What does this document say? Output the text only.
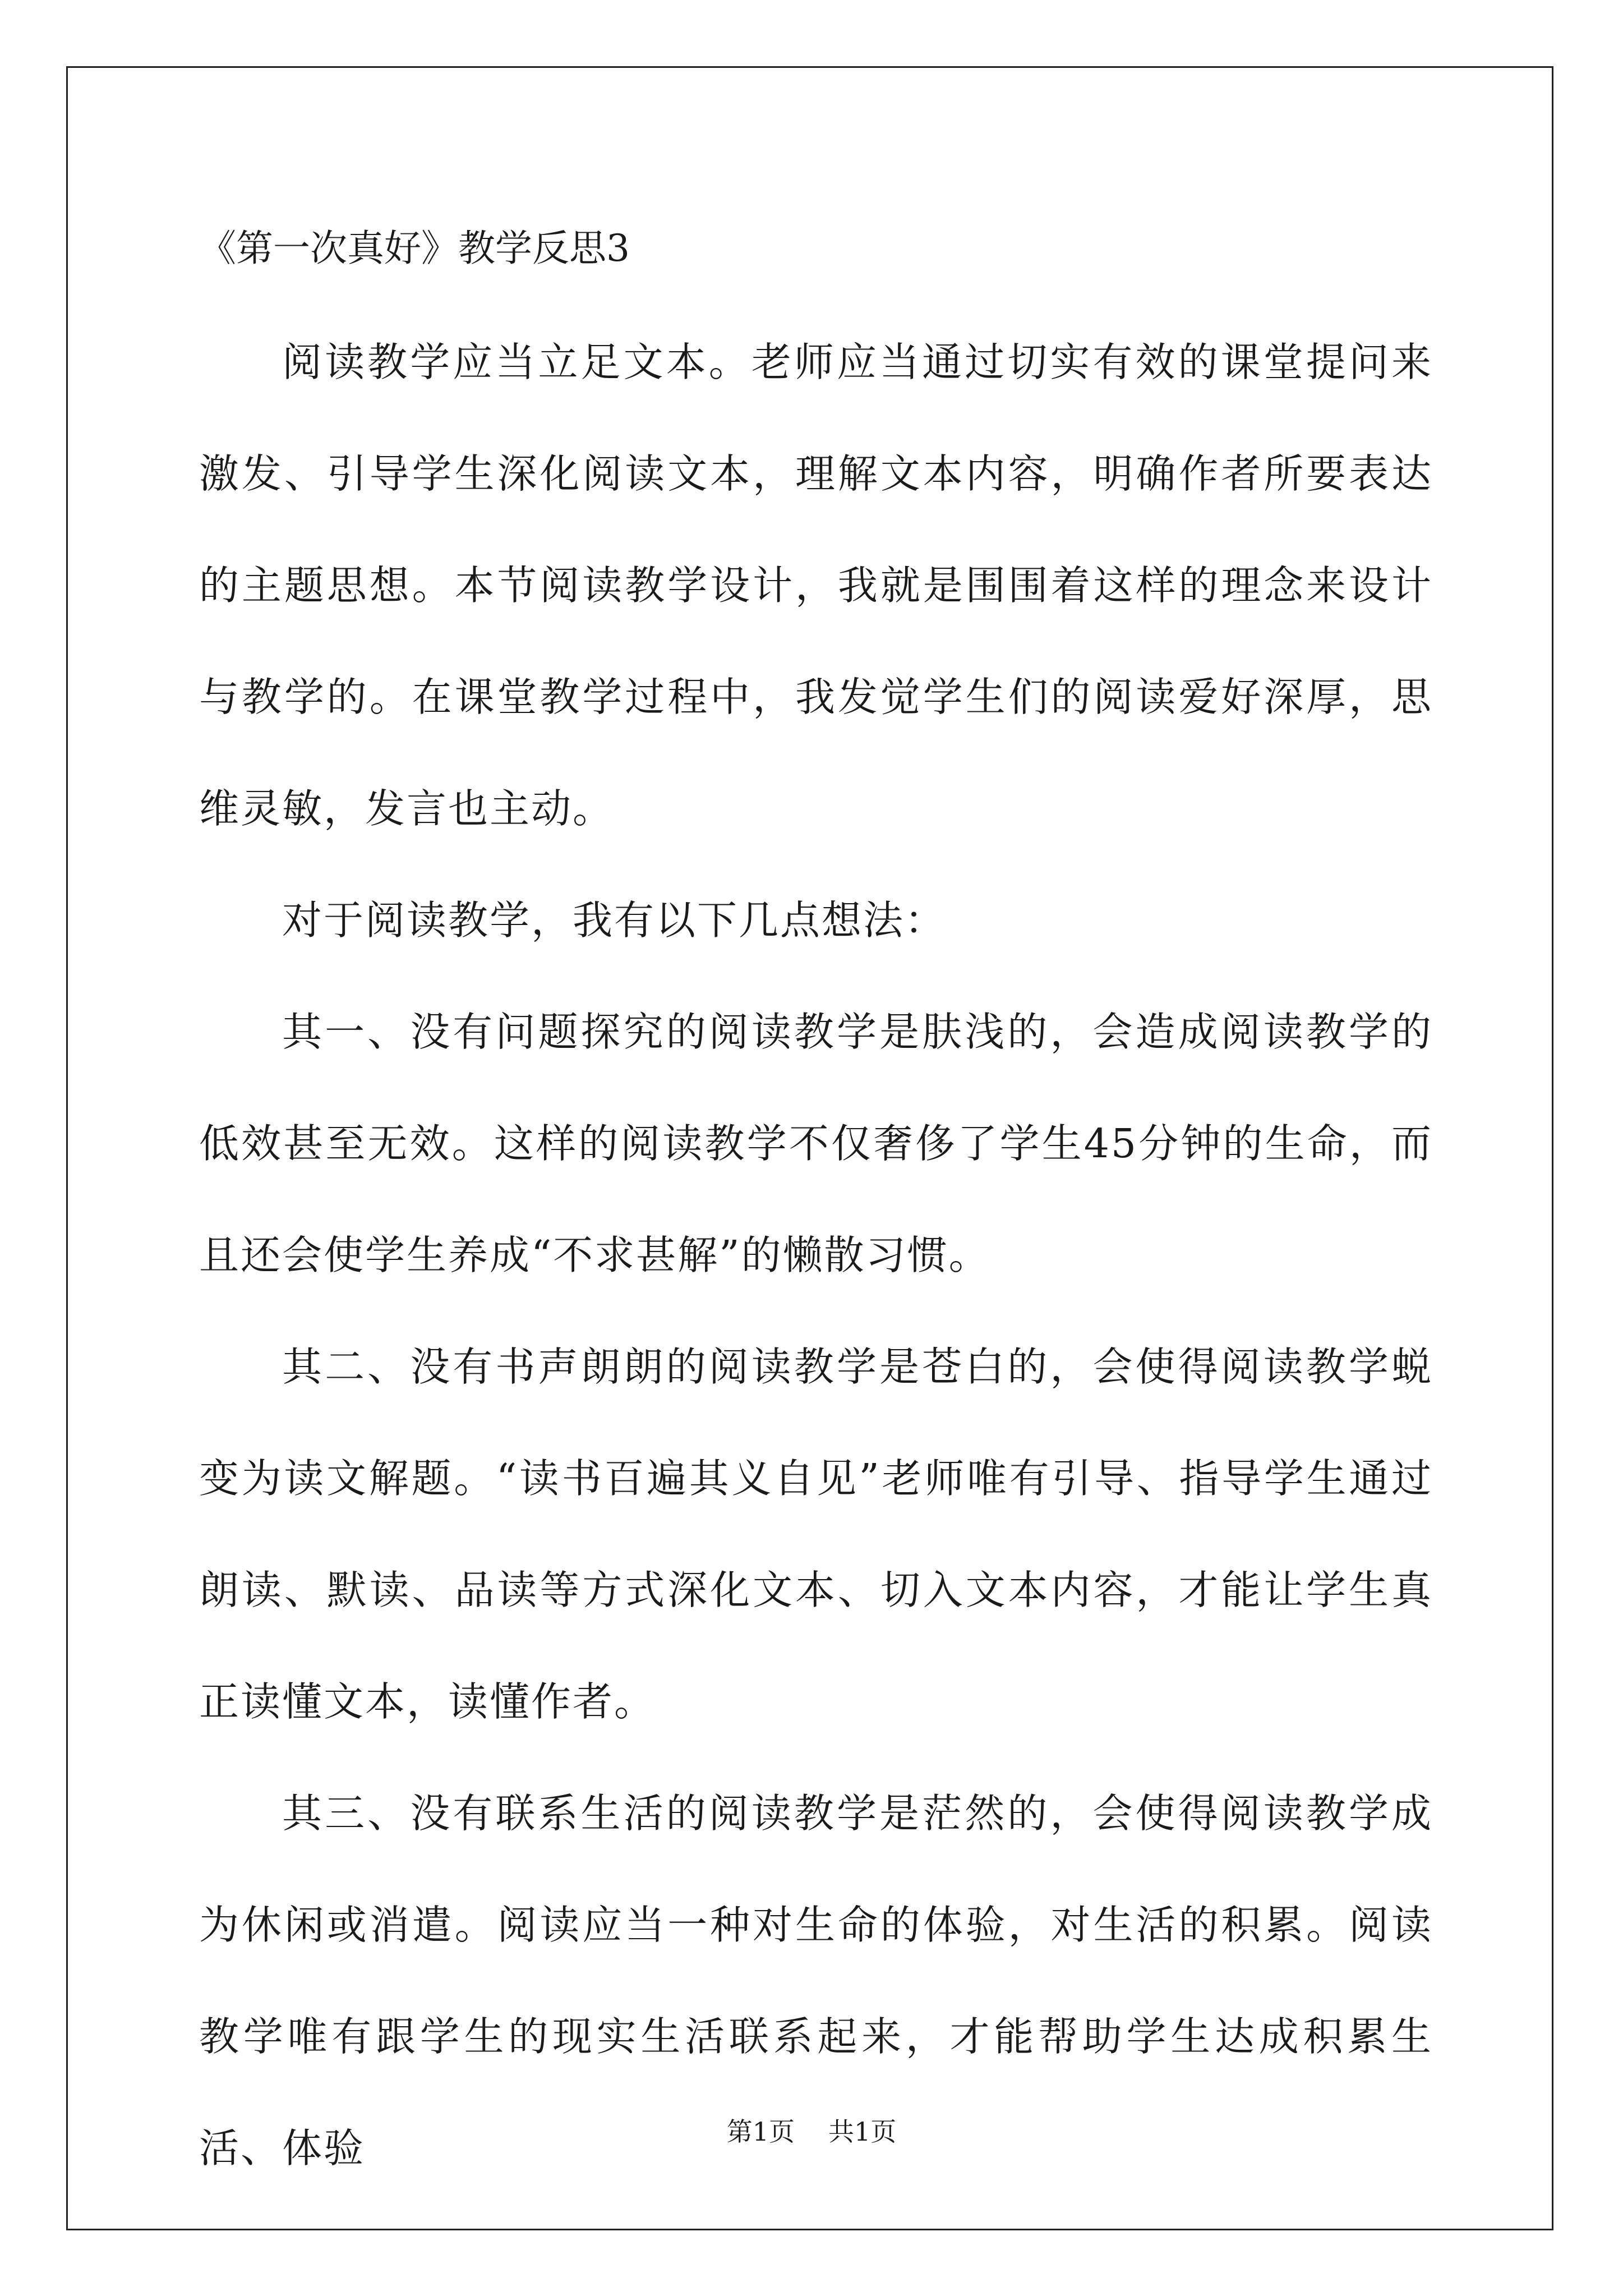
《第一次真好》教学反思3

阅读教学应当立足文本。老师应当通过切实有效的课堂提问来激发、引导学生深化阅读文本，理解文本内容，明确作者所要表达的主题思想。本节阅读教学设计，我就是围围着这样的理念来设计与教学的。在课堂教学过程中，我发觉学生们的阅读爱好深厚，思维灵敏，发言也主动。

对于阅读教学，我有以下几点想法：

其一、没有问题探究的阅读教学是肤浅的，会造成阅读教学的低效甚至无效。这样的阅读教学不仅奢侈了学生45分钟的生命，而且还会使学生养成“不求甚解”的懒散习惯。

其二、没有书声朗朗的阅读教学是苍白的，会使得阅读教学蜕变为读文解题。“读书百遍其义自见”老师唯有引导、指导学生通过朗读、默读、品读等方式深化文本、切入文本内容，才能让学生真正读懂文本，读懂作者。

其三、没有联系生活的阅读教学是茫然的，会使得阅读教学成为休闲或消遣。阅读应当一种对生命的体验，对生活的积累。阅读教学唯有跟学生的现实生活联系起来，才能帮助学生达成积累生活、体验	第1页 共1页
